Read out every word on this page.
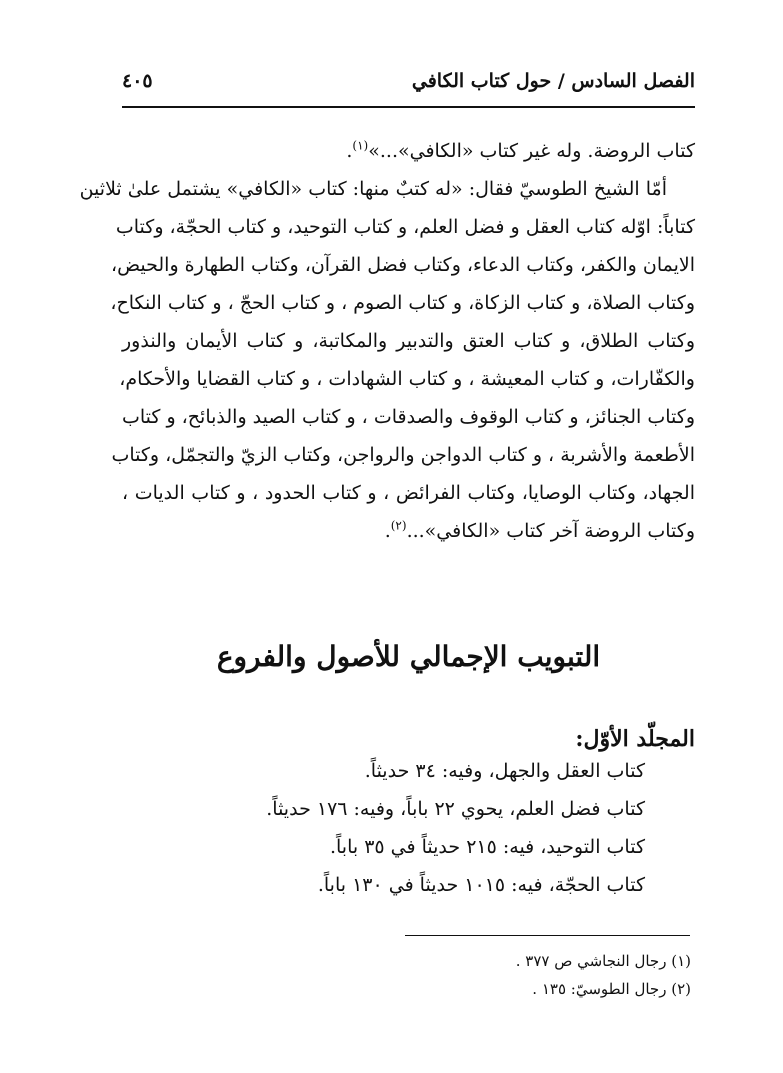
الفصل السادس / حول كتاب الكافي
٤٠٥
كتاب الروضة. وله غير كتاب «الكافي»...»$^{(١)}$.
أمّا الشيخ الطوسيّ فقال: «له كتبٌ منها: كتاب «الكافي» يشتمل علىٰ ثلاثين
كتاباً: اوّله كتاب العقل و فضل العلم، و كتاب التوحيد، و كتاب الحجّة، وكتاب
الايمان والكفر، وكتاب الدعاء، وكتاب فضل القرآن، وكتاب الطهارة والحيض،
وكتاب الصلاة، و كتاب الزكاة، و كتاب الصوم ، و كتاب الحجّ ، و كتاب النكاح،
وكتاب الطلاق، و كتاب العتق والتدبير والمكاتبة، و كتاب الأيمان والنذور
والكفّارات، و كتاب المعيشة ، و كتاب الشهادات ، و كتاب القضايا والأحكام،
وكتاب الجنائز، و كتاب الوقوف والصدقات ، و كتاب الصيد والذبائح، و كتاب
الأطعمة والأشربة ، و كتاب الدواجن والرواجن، وكتاب الزيّ والتجمّل، وكتاب
الجهاد، وكتاب الوصايا، وكتاب الفرائض ، و كتاب الحدود ، و كتاب الديات ،
وكتاب الروضة آخر كتاب «الكافي»...$^{(٢)}$.
التبويب الإجمالي للأصول والفروع
المجلّد الأوّل:
كتاب العقل والجهل، وفيه: ٣٤ حديثاً.
كتاب فضل العلم، يحوي ٢٢ باباً، وفيه: ١٧٦ حديثاً.
كتاب التوحيد، فيه: ٢١٥ حديثاً في ٣٥ باباً.
كتاب الحجّة، فيه: ١٠١٥ حديثاً في ١٣٠ باباً.
(١) رجال النجاشي ص ٣٧٧ .
(٢) رجال الطوسيّ: ١٣٥ .
